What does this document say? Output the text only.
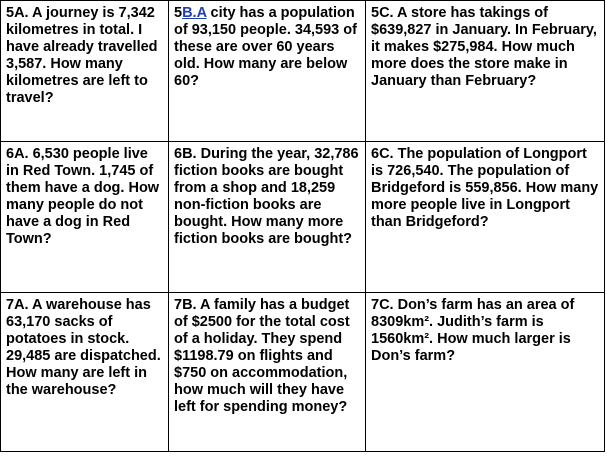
5A. A journey is 7,342 kilometres in total. I have already travelled 3,587. How many kilometres are left to travel?	5B.A city has a population of 93,150 people. 34,593 of these are over 60 years old. How many are below 60?	5C. A store has takings of $639,827 in January. In February, it makes $275,984. How much more does the store make in January than February?
6A. 6,530 people live in Red Town. 1,745 of them have a dog. How many people do not have a dog in Red Town?	6B. During the year, 32,786 fiction books are bought from a shop and 18,259 non-fiction books are bought. How many more fiction books are bought?	6C. The population of Longport is 726,540. The population of Bridgeford is 559,856. How many more people live in Longport than Bridgeford?
7A. A warehouse has 63,170 sacks of potatoes in stock. 29,485 are dispatched. How many are left in the warehouse?	7B. A family has a budget of $2500 for the total cost of a holiday. They spend $1198.79 on flights and $750 on accommodation, how much will they have left for spending money?	7C. Don’s farm has an area of 8309km². Judith’s farm is 1560km². How much larger is Don’s farm?
